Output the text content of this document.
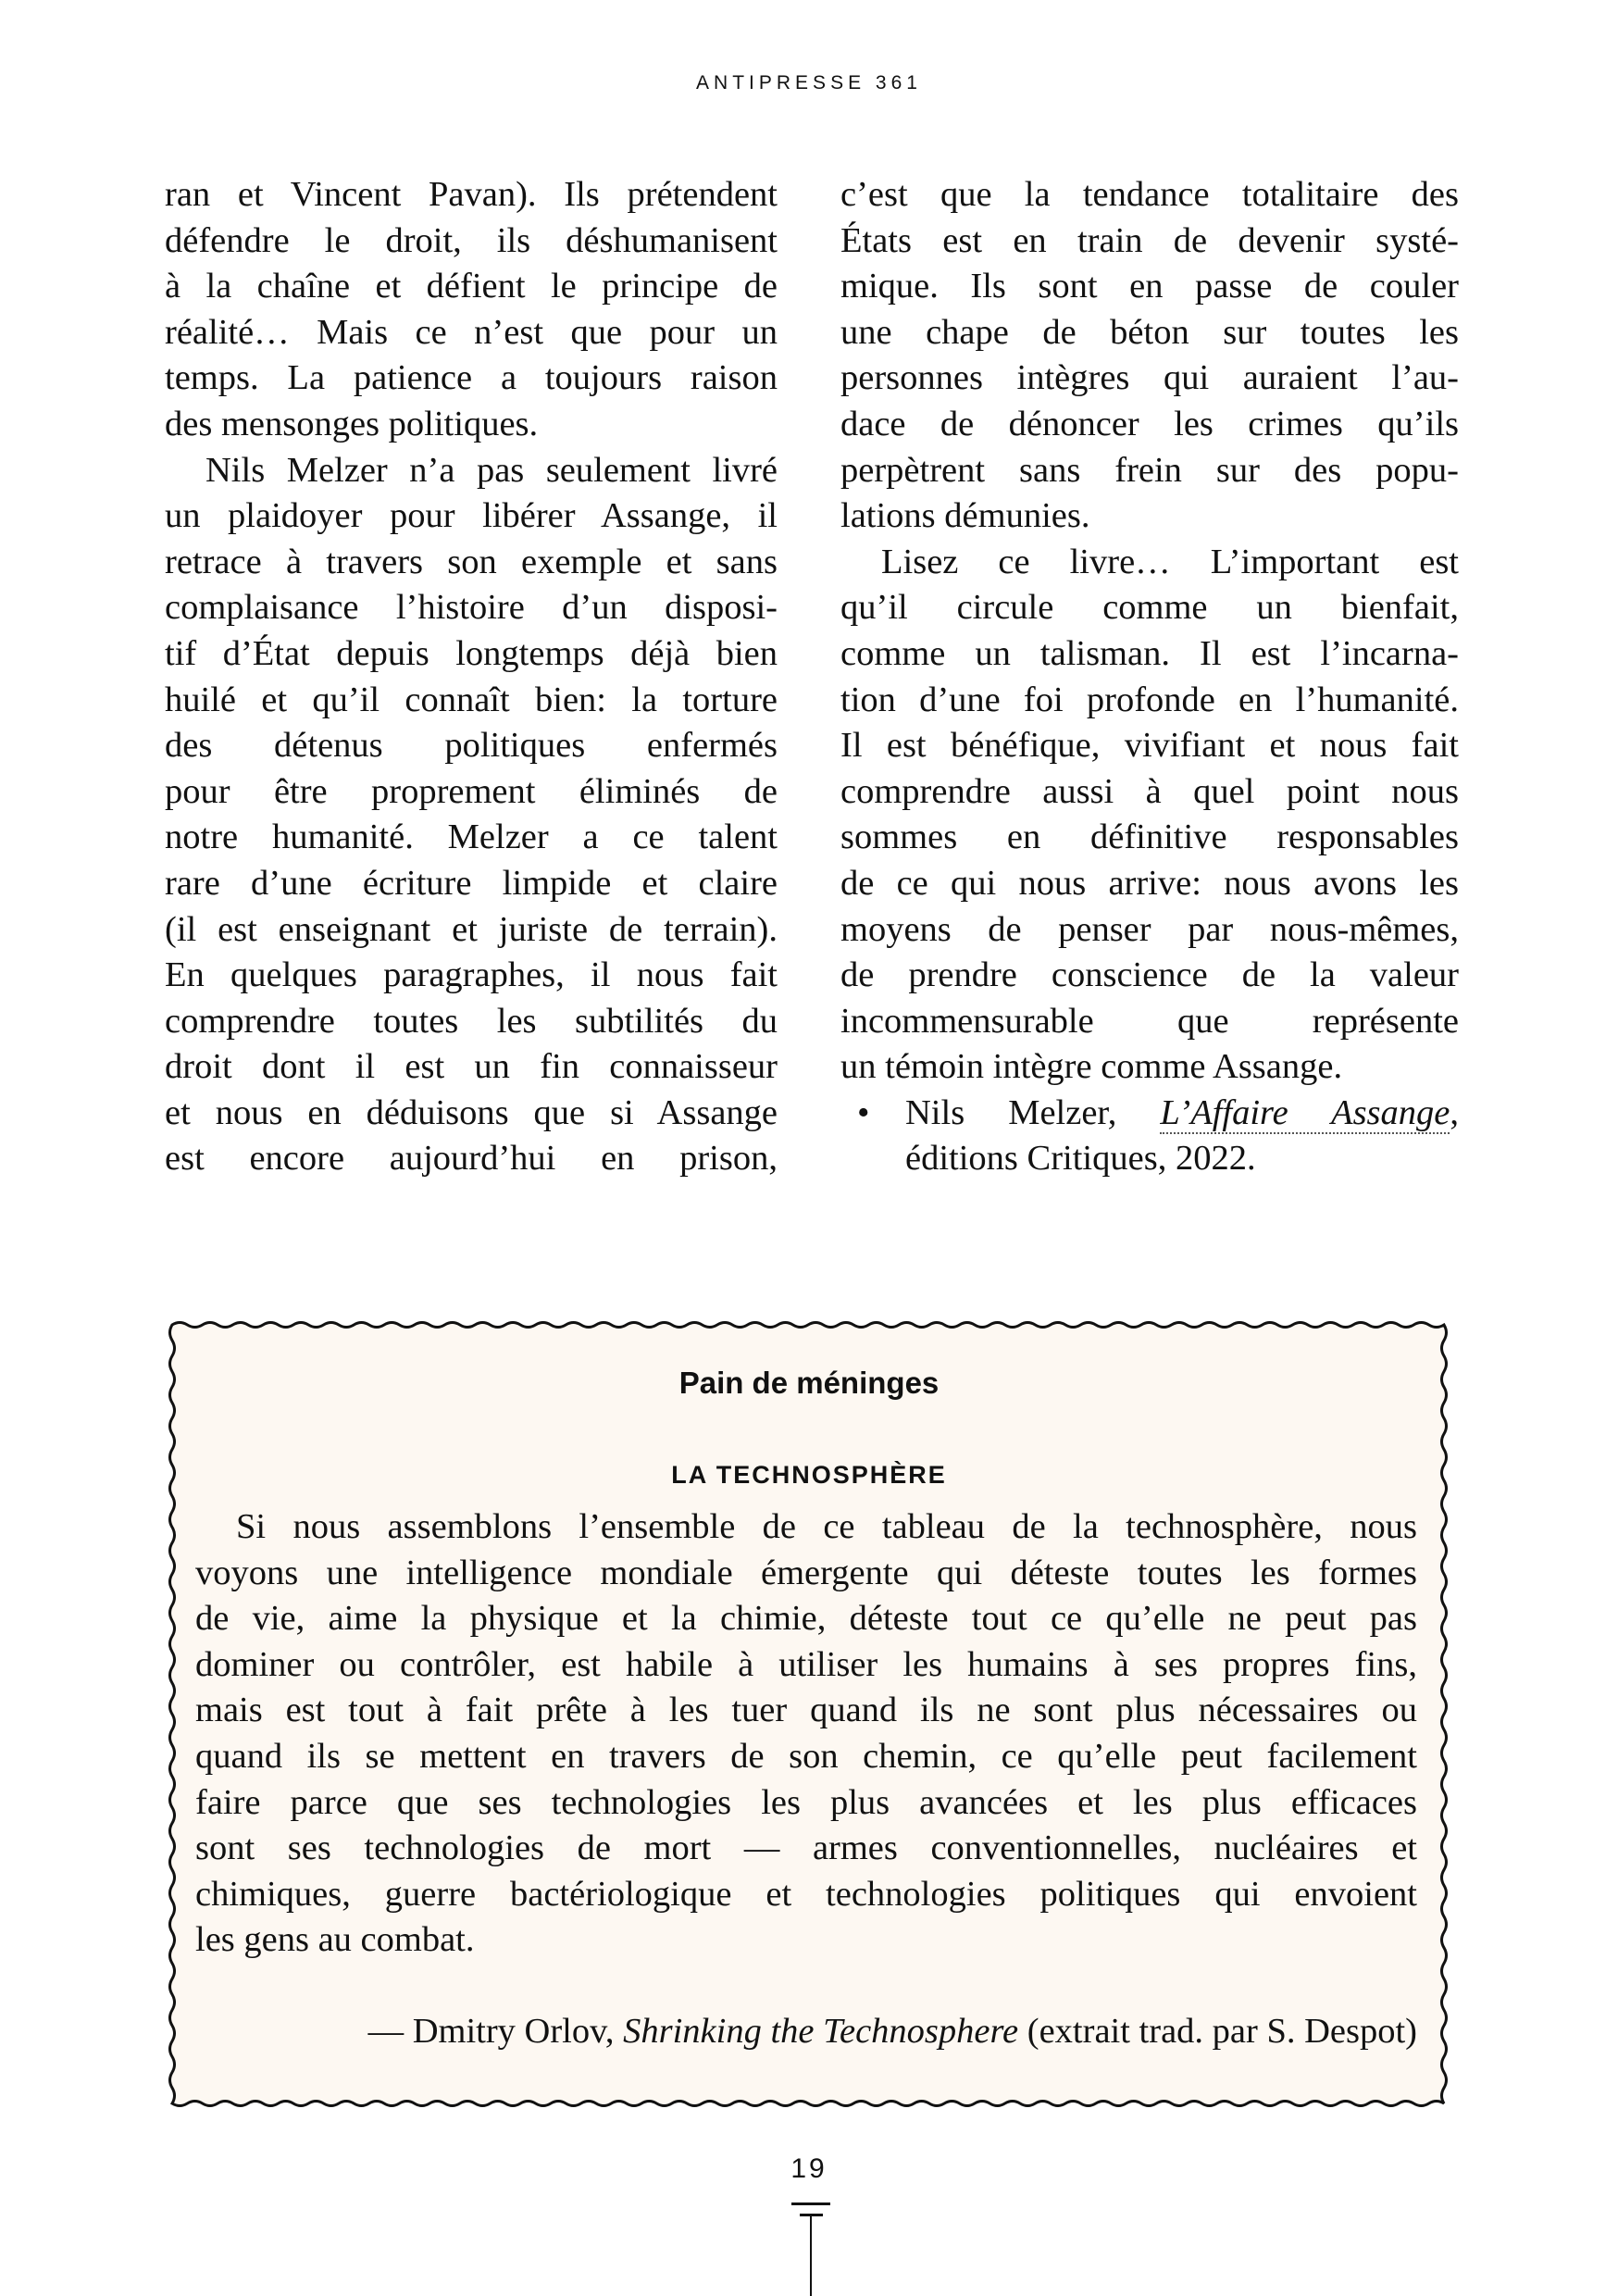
ANTIPRESSE 361
ran et Vincent Pavan). Ils prétendent
défendre le droit, ils déshumanisent
à la chaîne et défient le principe de
réalité… Mais ce n’est que pour un
temps. La patience a toujours raison
des mensonges politiques.
Nils Melzer n’a pas seulement livré
un plaidoyer pour libérer Assange, il
retrace à travers son exemple et sans
complaisance l’histoire d’un disposi-
tif d’État depuis longtemps déjà bien
huilé et qu’il connaît bien: la torture
des détenus politiques enfermés
pour être proprement éliminés de
notre humanité. Melzer a ce talent
rare d’une écriture limpide et claire
(il est enseignant et juriste de terrain).
En quelques paragraphes, il nous fait
comprendre toutes les subtilités du
droit dont il est un fin connaisseur
et nous en déduisons que si Assange
est encore aujourd’hui en prison,
c’est que la tendance totalitaire des
États est en train de devenir systé-
mique. Ils sont en passe de couler
une chape de béton sur toutes les
personnes intègres qui auraient l’au-
dace de dénoncer les crimes qu’ils
perpètrent sans frein sur des popu-
lations démunies.
Lisez ce livre… L’important est
qu’il circule comme un bienfait,
comme un talisman. Il est l’incarna-
tion d’une foi profonde en l’humanité.
Il est bénéfique, vivifiant et nous fait
comprendre aussi à quel point nous
sommes en définitive responsables
de ce qui nous arrive: nous avons les
moyens de penser par nous-mêmes,
de prendre conscience de la valeur
incommensurable que représente
un témoin intègre comme Assange.
•	Nils Melzer, L’Affaire Assange,
éditions Critiques, 2022.
Pain de méninges
LA TECHNOSPHÈRE
Si nous assemblons l’ensemble de ce tableau de la technosphère, nous
voyons une intelligence mondiale émergente qui déteste toutes les formes
de vie, aime la physique et la chimie, déteste tout ce qu’elle ne peut pas
dominer ou contrôler, est habile à utiliser les humains à ses propres fins,
mais est tout à fait prête à les tuer quand ils ne sont plus nécessaires ou
quand ils se mettent en travers de son chemin, ce qu’elle peut facilement
faire parce que ses technologies les plus avancées et les plus efficaces
sont ses technologies de mort — armes conventionnelles, nucléaires et
chimiques, guerre bactériologique et technologies politiques qui envoient
les gens au combat.
— Dmitry Orlov, Shrinking the Technosphere (extrait trad. par S. Despot)
19
